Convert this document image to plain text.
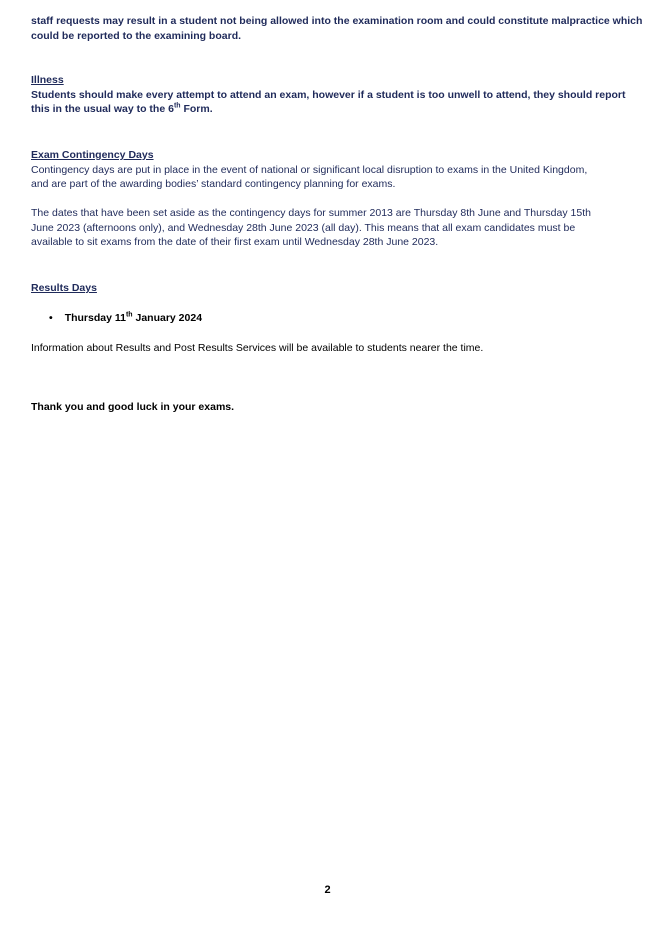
staff requests may result in a student not being allowed into the examination room and could constitute malpractice which
could be reported to the examining board.
Illness
Students should make every attempt to attend an exam, however if a student is too unwell to attend, they should report
this in the usual way to the 6th Form.
Exam Contingency Days
Contingency days are put in place in the event of national or significant local disruption to exams in the United Kingdom,
and are part of the awarding bodies’ standard contingency planning for exams.
The dates that have been set aside as the contingency days for summer 2013 are Thursday 8th June and Thursday 15th
June 2023 (afternoons only), and Wednesday 28th June 2023 (all day). This means that all exam candidates must be
available to sit exams from the date of their first exam until Wednesday 28th June 2023.
Results Days
• Thursday 11th January 2024
Information about Results and Post Results Services will be available to students nearer the time.
Thank you and good luck in your exams.
2
